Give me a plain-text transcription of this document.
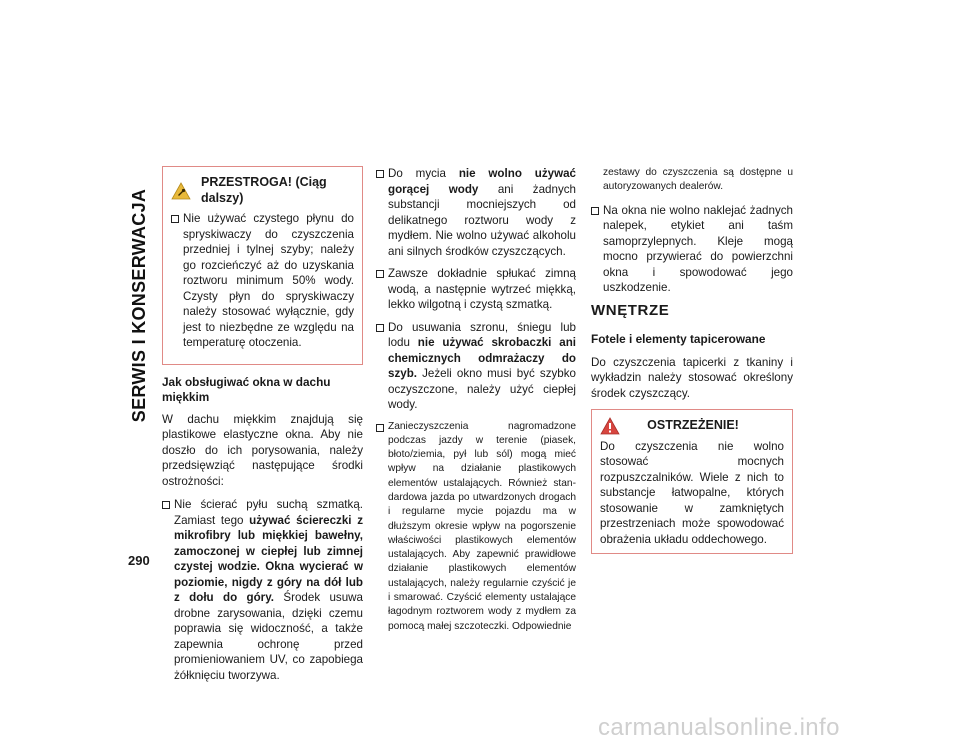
SERWIS I KONSERWACJA
290
PRZESTROGA! (Ciąg dalszy)
Nie używać czystego płynu do spryskiwaczy do czyszczenia przedniej i tylnej szyby; należy go rozcieńczyć aż do uzyskania roztworu minimum 50% wody. Czysty płyn do spryskiwaczy należy stosować wyłącznie, gdy jest to niezbędne ze względu na temperaturę otoczenia.
Jak obsługiwać okna w dachu miękkim

W dachu miękkim znajdują się plastikowe elastyczne okna. Aby nie doszło do ich porysowania, należy przedsięwziąć następujące środki ostrożności:

Nie ścierać pyłu suchą szmatką. Zamiast tego używać ściereczki z mikrofibry lub miękkiej bawełny, zamoczonej w ciepłej lub zimnej czystej wodzie. Okna wycierać w poziomie, nigdy z góry na dół lub z dołu do góry. Środek usuwa drobne zarysowania, dzięki czemu poprawia się widoczność, a także zapewnia ochronę przed promieniowaniem UV, co zapobiega żółknięciu tworzywa.
Do mycia nie wolno używać gorącej wody ani żadnych substancji mocniejszych od delikatnego roztworu wody z mydłem. Nie wolno używać alkoholu ani silnych środków czyszczących.
Zawsze dokładnie spłukać zimną wodą, a następnie wytrzeć miękką, lekko wilgotną i czystą szmatką.
Do usuwania szronu, śniegu lub lodu nie używać skrobaczki ani chemicznych odmrażaczy do szyb. Jeżeli okno musi być szybko oczyszczone, należy użyć ciepłej wody.
Zanieczyszczenia nagromadzone podczas jazdy w terenie (piasek, błoto/ziemia, pył lub sól) mogą mieć wpływ na działanie plastikowych elementów ustalających. Również standardowa jazda po utwardzonych drogach i regularne mycie pojazdu ma w dłuższym okresie wpływ na pogorszenie właściwości plastikowych elementów ustalających. Aby zapewnić prawidłowe działanie plastikowych elementów ustalających, należy regularnie czyścić je i smarować. Czyścić elementy ustalające łagodnym roztworem wody z mydłem za pomocą małej szczoteczki. Odpowiednie

zestawy do czyszczenia są dostępne u autoryzowanych dealerów.

Na okna nie wolno naklejać żadnych nalepek, etykiet ani taśm samoprzylepnych. Kleje mogą mocno przywierać do powierzchni okna i spowodować jego uszkodzenie.
WNĘTRZE
Fotele i elementy tapicerowane

Do czyszczenia tapicerki z tkaniny i wykładzin należy stosować określony środek czyszczący.

OSTRZEŻENIE!
Do czyszczenia nie wolno stosować mocnych rozpuszczalników. Wiele z nich to substancje łatwopalne, których stosowanie w zamkniętych przestrzeniach może spowodować obrażenia układu oddechowego.
carmanualsonline.info
